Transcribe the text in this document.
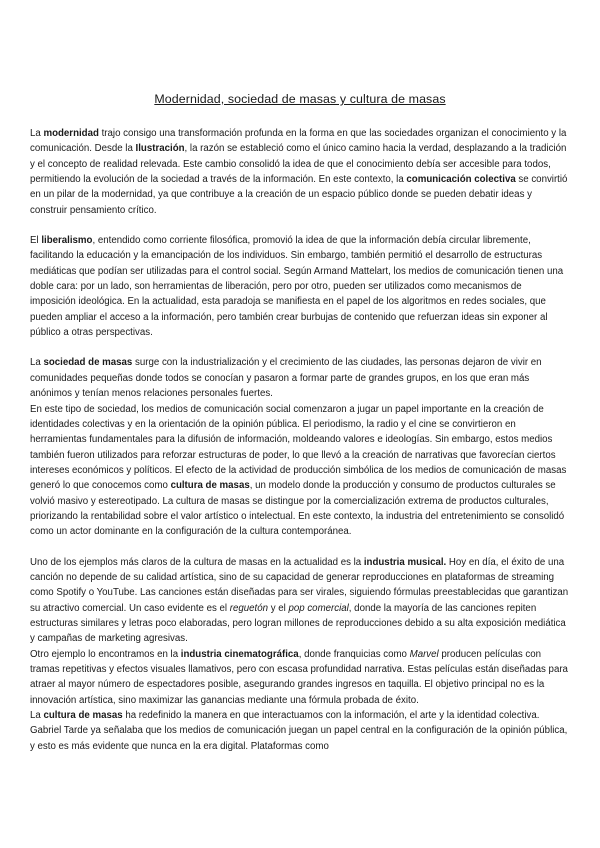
Modernidad, sociedad de masas y cultura de masas

La modernidad trajo consigo una transformación profunda en la forma en que las sociedades organizan el conocimiento y la comunicación. Desde la Ilustración, la razón se estableció como el único camino hacia la verdad, desplazando a la tradición y el concepto de realidad relevada. Este cambio consolidó la idea de que el conocimiento debía ser accesible para todos, permitiendo la evolución de la sociedad a través de la información. En este contexto, la comunicación colectiva se convirtió en un pilar de la modernidad, ya que contribuye a la creación de un espacio público donde se pueden debatir ideas y construir pensamiento crítico.

El liberalismo, entendido como corriente filosófica, promovió la idea de que la información debía circular libremente, facilitando la educación y la emancipación de los individuos. Sin embargo, también permitió el desarrollo de estructuras mediáticas que podían ser utilizadas para el control social. Según Armand Mattelart, los medios de comunicación tienen una doble cara: por un lado, son herramientas de liberación, pero por otro, pueden ser utilizados como mecanismos de imposición ideológica. En la actualidad, esta paradoja se manifiesta en el papel de los algoritmos en redes sociales, que pueden ampliar el acceso a la información, pero también crear burbujas de contenido que refuerzan ideas sin exponer al público a otras perspectivas.

La sociedad de masas surge con la industrialización y el crecimiento de las ciudades, las personas dejaron de vivir en comunidades pequeñas donde todos se conocían y pasaron a formar parte de grandes grupos, en los que eran más anónimos y tenían menos relaciones personales fuertes.

En este tipo de sociedad, los medios de comunicación social comenzaron a jugar un papel importante en la creación de identidades colectivas y en la orientación de la opinión pública. El periodismo, la radio y el cine se convirtieron en herramientas fundamentales para la difusión de información, moldeando valores e ideologías. Sin embargo, estos medios también fueron utilizados para reforzar estructuras de poder, lo que llevó a la creación de narrativas que favorecían ciertos intereses económicos y políticos. El efecto de la actividad de producción simbólica de los medios de comunicación de masas generó lo que conocemos como cultura de masas, un modelo donde la producción y consumo de productos culturales se volvió masivo y estereotipado. La cultura de masas se distingue por la comercialización extrema de productos culturales, priorizando la rentabilidad sobre el valor artístico o intelectual. En este contexto, la industria del entretenimiento se consolidó como un actor dominante en la configuración de la cultura contemporánea.

Uno de los ejemplos más claros de la cultura de masas en la actualidad es la industria musical. Hoy en día, el éxito de una canción no depende de su calidad artística, sino de su capacidad de generar reproducciones en plataformas de streaming como Spotify o YouTube. Las canciones están diseñadas para ser virales, siguiendo fórmulas preestablecidas que garantizan su atractivo comercial. Un caso evidente es el reguetón y el pop comercial, donde la mayoría de las canciones repiten estructuras similares y letras poco elaboradas, pero logran millones de reproducciones debido a su alta exposición mediática y campañas de marketing agresivas.

Otro ejemplo lo encontramos en la industria cinematográfica, donde franquicias como Marvel producen películas con tramas repetitivas y efectos visuales llamativos, pero con escasa profundidad narrativa. Estas películas están diseñadas para atraer al mayor número de espectadores posible, asegurando grandes ingresos en taquilla. El objetivo principal no es la innovación artística, sino maximizar las ganancias mediante una fórmula probada de éxito.

La cultura de masas ha redefinido la manera en que interactuamos con la información, el arte y la identidad colectiva. Gabriel Tarde ya señalaba que los medios de comunicación juegan un papel central en la configuración de la opinión pública, y esto es más evidente que nunca en la era digital. Plataformas como
